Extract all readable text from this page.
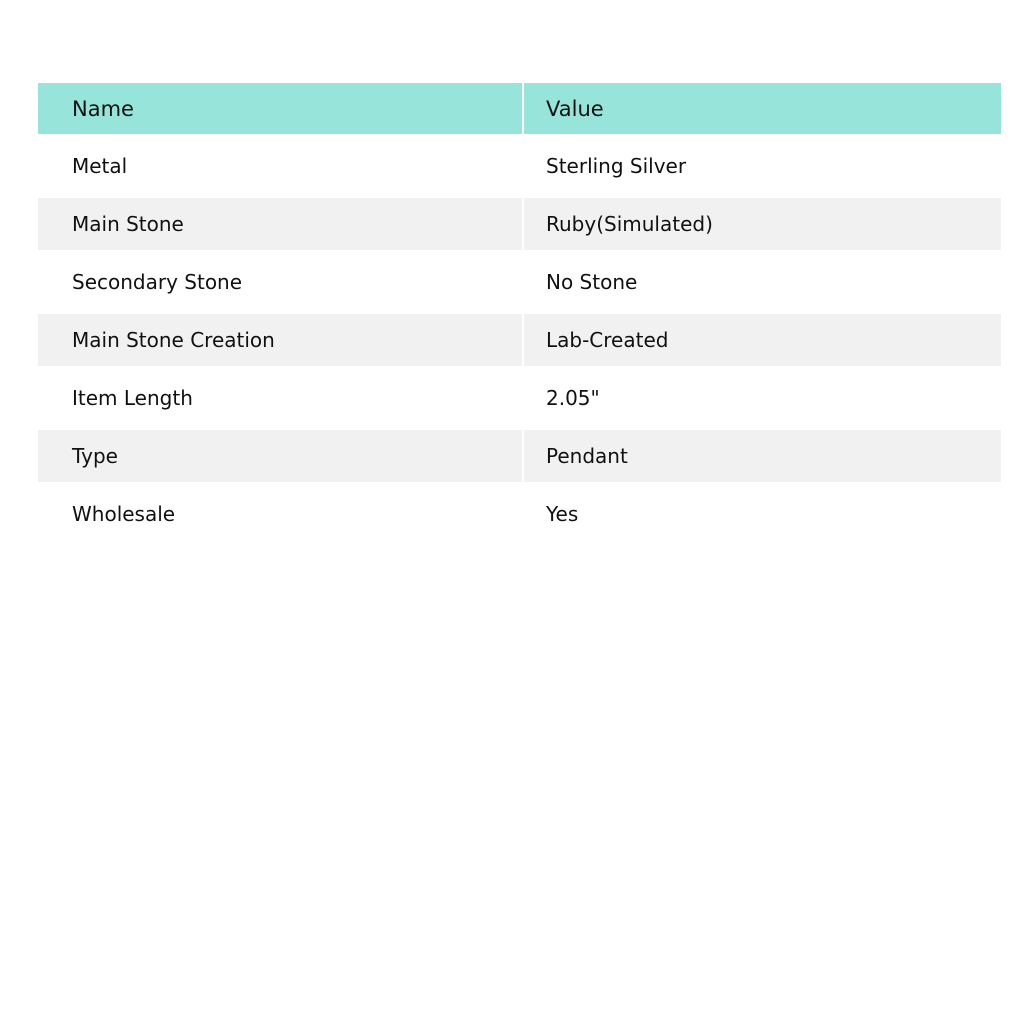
Name	Value
Metal	Sterling Silver
Main Stone	Ruby(Simulated)
Secondary Stone	No Stone
Main Stone Creation	Lab-Created
Item Length	2.05"
Type	Pendant
Wholesale	Yes
